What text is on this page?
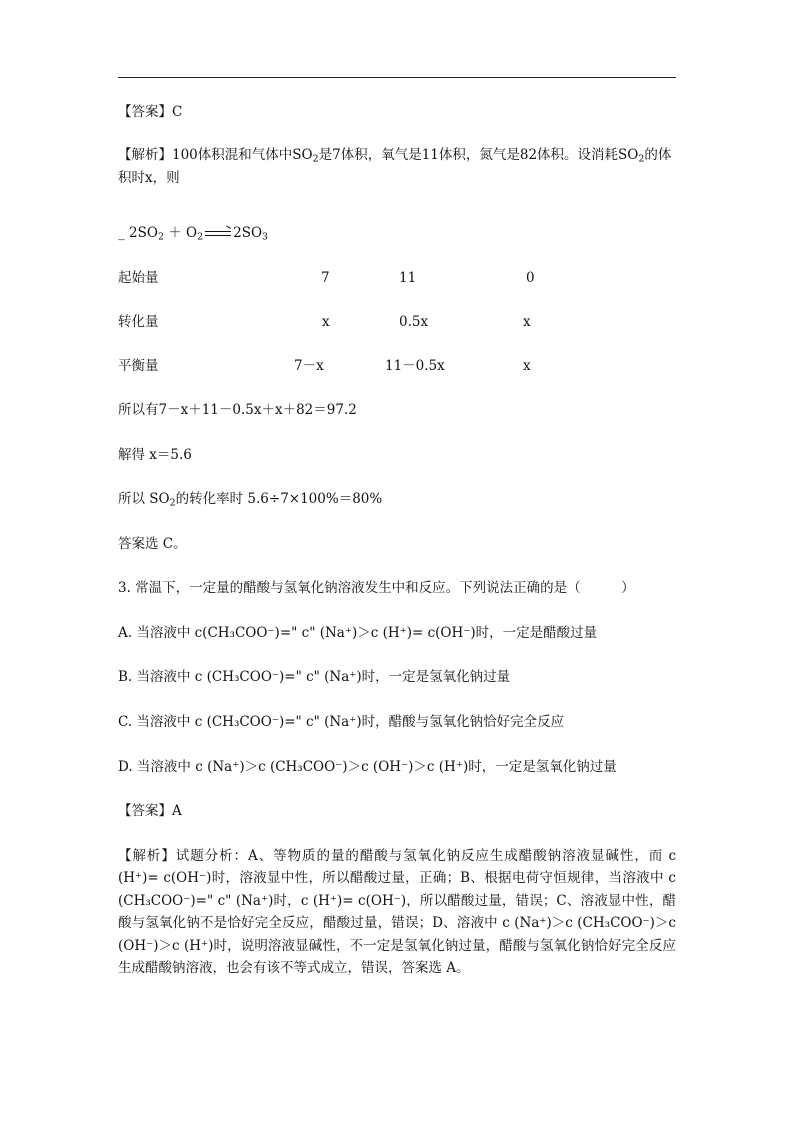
【答案】C
【解析】100体积混和气体中$SO_2$是7体积，氧气是11体积，氮气是82体积。设消耗$SO_2$的体积时x，则
_ $2SO_2 + O_2 \to 2SO_3$
起始量	7	11	0
转化量	x	0.5x	x
平衡量	7－x	11－0.5x	x
所以有7－x＋11－0.5x＋x＋82＝97.2
解得 x＝5.6
所以 $SO_2$的转化率时 5.6÷7×100%＝80%
答案选 C。
3. 常温下，一定量的醋酸与氢氧化钠溶液发生中和反应。下列说法正确的是（　　　）
A. 当溶液中 c(CH₃COO⁻)=" c" (Na⁺)＞c (H⁺)= c(OH⁻)时，一定是醋酸过量
B. 当溶液中 c (CH₃COO⁻)=" c" (Na⁺)时，一定是氢氧化钠过量
C. 当溶液中 c (CH₃COO⁻)=" c" (Na⁺)时，醋酸与氢氧化钠恰好完全反应
D. 当溶液中 c (Na⁺)＞c (CH₃COO⁻)＞c (OH⁻)＞c (H⁺)时，一定是氢氧化钠过量
【答案】A
【解析】试题分析：A、等物质的量的醋酸与氢氧化钠反应生成醋酸钠溶液显碱性，而 c (H⁺)= c(OH⁻)时，溶液显中性，所以醋酸过量，正确；B、根据电荷守恒规律，当溶液中 c (CH₃COO⁻)=" c" (Na⁺)时，c (H⁺)= c(OH⁻)，所以醋酸过量，错误；C、溶液显中性，醋酸与氢氧化钠不是恰好完全反应，醋酸过量，错误；D、溶液中 c (Na⁺)＞c (CH₃COO⁻)＞c (OH⁻)＞c (H⁺)时，说明溶液显碱性，不一定是氢氧化钠过量，醋酸与氢氧化钠恰好完全反应生成醋酸钠溶液，也会有该不等式成立，错误，答案选 A。
